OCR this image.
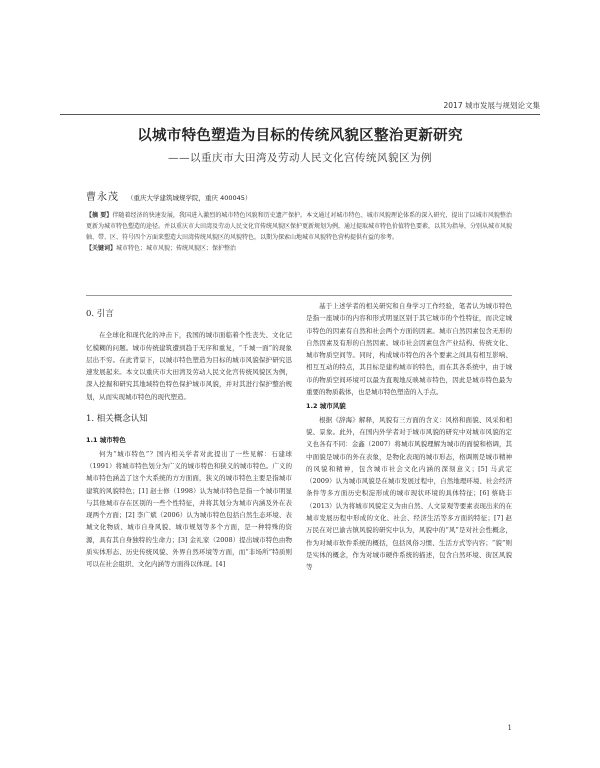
2017 城市发展与规划论文集
以城市特色塑造为目标的传统风貌区整治更新研究
——以重庆市大田湾及劳动人民文化宫传统风貌区为例
曹永茂 （重庆大学建筑城规学院，重庆 400045）

【摘 要】伴随着经济的快速发展，我国进入激烈的城市特色风貌和历史遗产保护。本文通过对城市特色、城市风貌理论体系的深入研究，提出了以城市风貌整治更新为城市特色塑造的途径。并以重庆市大田湾及劳动人民文化宫传统风貌区保护更新规划为例，通过提取城市特色价值特色要素，以其为指导，分别从城市风貌轴、带、区、符号四个方面来塑造大田湾传统风貌区的风貌特色，以期为探索山地城市风貌特色营构提供有益的参考。

【关键词】城市特色；城市风貌；传统风貌区；保护整治

0. 引言

在全球化和现代化的冲击下，我国的城市面临着个性丧失、文化记忆模糊的问题。城市传统建筑遭到趋于无序和重复，“千城一面”的现象层出不穷。在此背景下，以城市特色塑造为目标的城市风貌保护研究迅速发展起来。本文以重庆市大田湾及劳动人民文化宫传统风貌区为例，深入挖掘和研究其地域特色特色保护城市风貌，并对其进行保护整治规划，从而实现城市特色的现代塑造。

1. 相关概念认知
1.1 城市特色

何为“城市特色”？国内相关学者对此提出了一些见解：石建球（1991）将城市特色划分为广义的城市特色和狭义的城市特色。广义的城市特色涵盖了这个大系统的方方面面，狭义的城市特色主要是指城市建筑的风貌特色；[1] 赵士修（1998）认为城市特色是指一个城市明显与其他城市存在区别的一些个性特征，并将其划分为城市内涵及外在表现两个方面；[2] 李广斌（2006）认为城市特色包括自然生态环境、表城文化物质、城市自身风貌、城市规划等多个方面，是一种特殊的资源，具有其自身独特的生命力；[3] 金礼家（2008）提出城市特色由物质实体形态、历史传统风貌、外界自然环境等方面，而“非场所”特质则可以在社会组织、文化内涵等方面得以体现。[4]

基于上述学者的相关研究和自身学习工作经验，笔者认为城市特色是指一座城市的内容和形式明显区别于其它城市的个性特征，而决定城市特色的因素有自然和社会两个方面的因素。城市自然因素包含无形的自然因素及有形的自然因素。城市社会因素包含产业结构、传统文化、城市物质空间等。同时，构成城市特色的各个要素之间具有相互影响、相互互动的特点，其目标是建构城市的特色，而在其各系统中，由于城市的物质空间环境可以最为直观地反映城市特色，因此是城市特色最为重要的物质载体，也是城市特色塑造的入手点。

1.2 城市风貌

根据《辞海》解释，风貌有三方面的含义：风格和面貌、风采和相貌、景象。此外，在国内外学者对于城市风貌的研究中对城市风貌的定义也各有不同：金鑫（2007）将城市风貌理解为城市的面貌和格调，其中面貌是城市的外在表象，是物化表现的城市形态，格调则是城市精神的风貌和精神，包含城市社会文化内涵的深刻意义；[5] 马武定（2009）认为城市风貌是在城市发展过程中，自然地理环境、社会经济条件等多方面历史积淀形成的城市现状环境的具体特征；[6] 蔡晓丰（2013）认为将城市风貌定义为由自然、人文景观等要素表现出来的在城市发展历程中形成的文化、社会、经济生活等多方面的特征；[7] 赵万民在对巴渝古镇风貌的研究中认为，风貌中的“风”是对社会性概念，作为对城市软件系统的概括，包括风俗习惯、生活方式等内容；“貌”则是实体的概念，作为对城市硬件系统的描述，包含自然环境、街区风貌等

1
